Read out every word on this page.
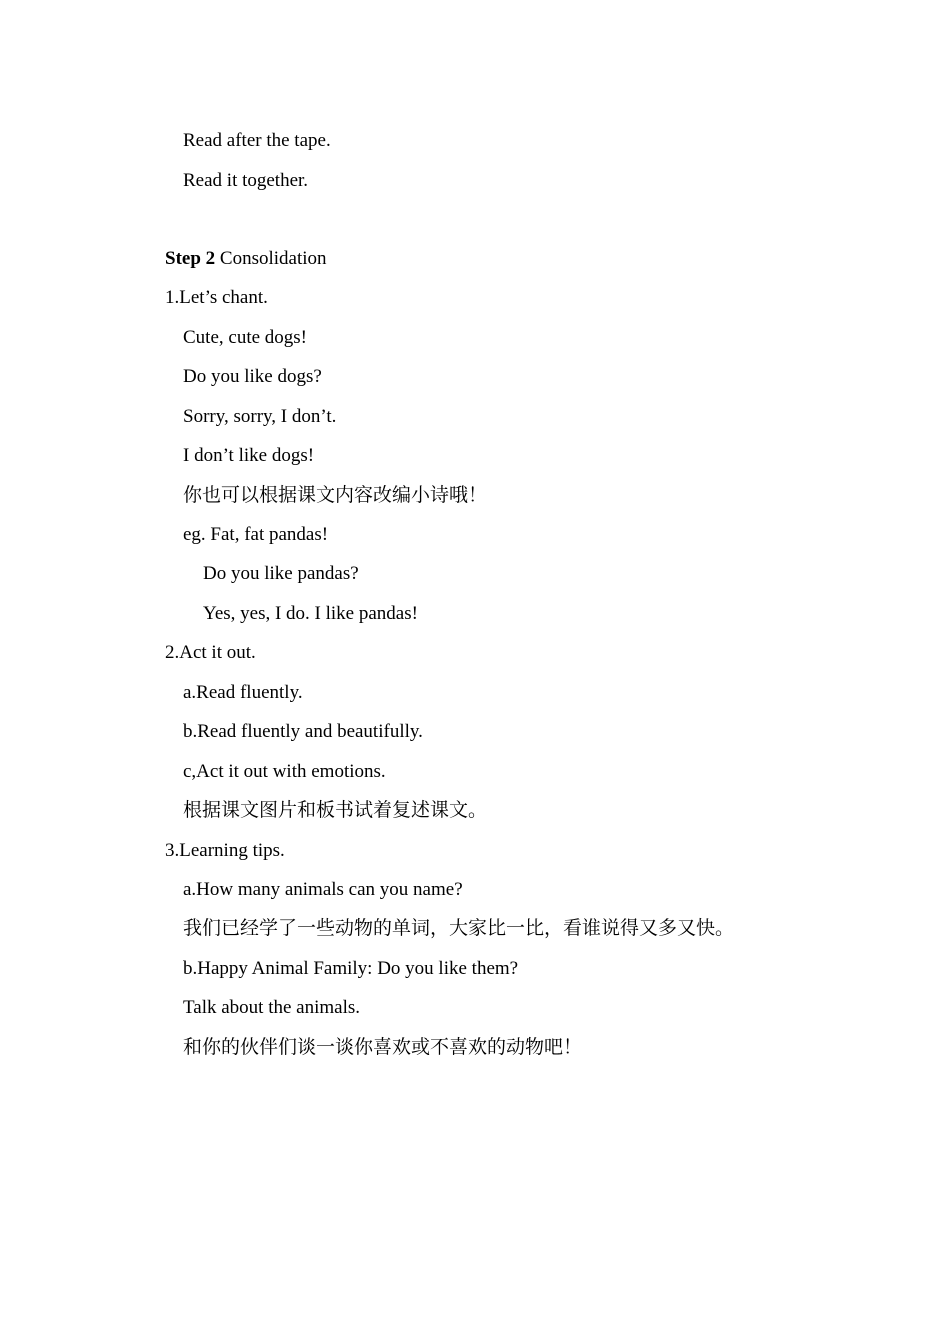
Read after the tape.
Read it together.
Step 2 Consolidation
1.Let’s chant.
Cute, cute dogs!
Do you like dogs?
Sorry, sorry, I don’t.
I don’t like dogs!
你也可以根据课文内容改编小诗哦！
eg. Fat, fat pandas!
Do you like pandas?
Yes, yes, I do. I like pandas!
2.Act it out.
a.Read fluently.
b.Read fluently and beautifully.
c,Act it out with emotions.
根据课文图片和板书试着复述课文。
3.Learning tips.
a.How many animals can you name?
我们已经学了一些动物的单词，大家比一比，看谁说得又多又快。
b.Happy Animal Family: Do you like them?
Talk about the animals.
和你的伙伴们谈一谈你喜欢或不喜欢的动物吧！
